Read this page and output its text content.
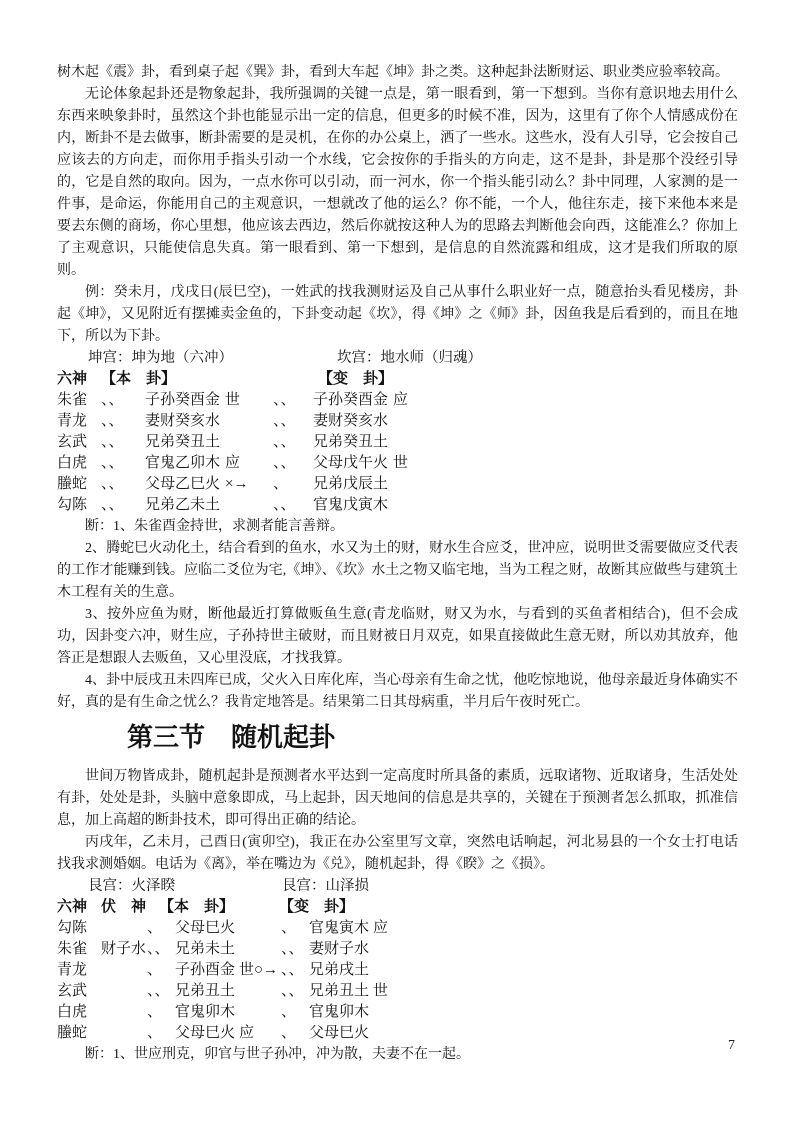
树木起《震》卦，看到桌子起《巽》卦，看到大车起《坤》卦之类。这种起卦法断财运、职业类应验率较高。

无论体象起卦还是物象起卦，我所强调的关键一点是，第一眼看到，第一下想到。当你有意识地去用什么东西来映象卦时，虽然这个卦也能显示出一定的信息，但更多的时候不准，因为，这里有了你个人情感成份在内，断卦不是去做事，断卦需要的是灵机，在你的办公桌上，洒了一些水。这些水，没有人引导，它会按自己应该去的方向走，而你用手指头引动一个水线，它会按你的手指头的方向走，这不是卦，卦是那个没经引导的，它是自然的取向。因为，一点水你可以引动，而一河水，你一个指头能引动么？卦中同理，人家测的是一件事，是命运，你能用自己的主观意识，一想就改了他的运么？你不能，一个人，他往东走，接下来他本来是要去东侧的商场，你心里想，他应该去西边，然后你就按这种人为的思路去判断他会向西，这能准么？你加上了主观意识，只能使信息失真。第一眼看到、第一下想到，是信息的自然流露和组成，这才是我们所取的原则。

例：癸未月，戊戌日(辰巳空)，一姓武的找我测财运及自己从事什么职业好一点，随意抬头看见楼房，卦起《坤》，又见附近有摆摊卖金鱼的，下卦变动起《坎》，得《坤》之《师》卦，因鱼我是后看到的，而且在地下，所以为下卦。

坤宫：坤为地（六冲）	坎宫：地水师（归魂）

六神 【本　卦】	【变　卦】
朱雀 、、	子孙癸酉金 世	、、	子孙癸酉金 应
青龙 、、	妻财癸亥水	、、	妻财癸亥水
玄武 、、	兄弟癸丑土	、、	兄弟癸丑土
白虎 、、	官鬼乙卯木 应	、、	父母戊午火 世
螣蛇 、、	父母乙巳火 ×→	、	兄弟戊辰土
勾陈 、、	兄弟乙未土	、、	官鬼戊寅木

断：1、朱雀酉金持世，求测者能言善辩。

2、腾蛇巳火动化土，结合看到的鱼水，水又为土的财，财水生合应爻，世冲应，说明世爻需要做应爻代表的工作才能赚到钱。应临二爻位为宅,《坤》、《坎》水土之物又临宅地，当为工程之财，故断其应做些与建筑土木工程有关的生意。

3、按外应鱼为财，断他最近打算做贩鱼生意(青龙临财，财又为水，与看到的买鱼者相结合)，但不会成功，因卦变六冲，财生应，子孙持世主破财，而且财被日月双克，如果直接做此生意无财，所以劝其放弃，他答正是想跟人去贩鱼，又心里没底，才找我算。

4、卦中辰戌丑未四库已成，父火入日库化库，当心母亲有生命之忧，他吃惊地说，他母亲最近身体确实不好，真的是有生命之忧么？我肯定地答是。结果第二日其母病重，半月后午夜时死亡。

第三节　随机起卦

世间万物皆成卦，随机起卦是预测者水平达到一定高度时所具备的素质，远取诸物、近取诸身，生活处处有卦，处处是卦，头脑中意象即成，马上起卦，因天地间的信息是共享的，关键在于预测者怎么抓取，抓准信息，加上高超的断卦技术，即可得出正确的结论。

丙戌年，乙未月，己酉日(寅卯空)，我正在办公室里写文章，突然电话响起，河北易县的一个女士打电话找我求测婚姻。电话为《离》，举在嘴边为《兑》，随机起卦，得《睽》之《损》。

艮宫：火泽睽	艮宫：山泽损

六神 伏　神 【本　卦】	【变　卦】
勾陈	、 父母巳火	、 官鬼寅木 应
朱雀 财子水 、、 兄弟未土	、、 妻财子水
青龙	、 子孙酉金 世○→ 、、 兄弟戌土
玄武	、、 兄弟丑土	、、 兄弟丑土 世
白虎	、 官鬼卯木	、 官鬼卯木
螣蛇	、 父母巳火 应	、 父母巳火

断：1、世应刑克，卯官与世子孙冲，冲为散，夫妻不在一起。

7
